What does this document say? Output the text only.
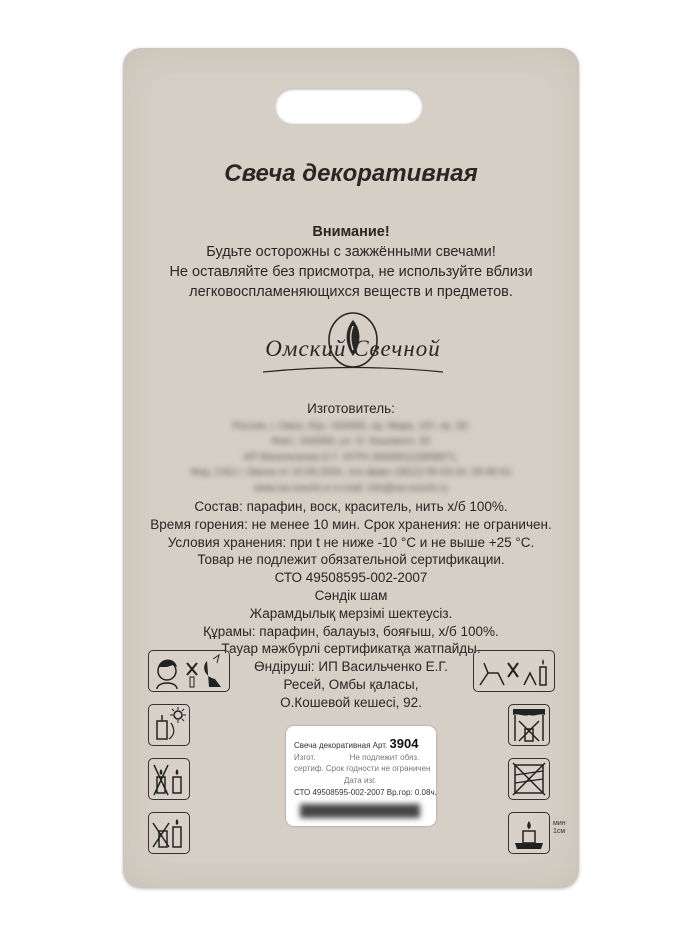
Свеча декоративная
Внимание!
Будьте осторожны с зажжёнными свечами!
Не оставляйте без присмотра, не используйте вблизи
легковоспламеняющихся веществ и предметов.
Омский Свечной
Изготовитель:
Россия, г. Омск, Юр.: 644065, пр. Мира, 157, кв. 30;
Факт.: 644083, ул. О. Кошевого, 92
ИП Васильченко Е.Г. ОГРН 304550122808871,
Фед. САО г. Омска от 10.09.2004, тел./факс (3812) 55-03-24, 55-90-61
www.na-svechi.ru e-mail: info@na-svechi.ru
Состав: парафин, воск, краситель, нить х/б 100%.
Время горения: не менее 10 мин. Срок хранения: не ограничен.
Условия хранения: при t не ниже -10 °С и не выше +25 °С.
Товар не подлежит обязательной сертификации.
СТО 49508595-002-2007
Сәндік шам
Жарамдылық мерзімі шектеусіз.
Құрамы: парафин, балауыз, бояғыш, х/б 100%.
Тауар мәжбүрлі сертификатқа жатпайды.
Өндіруші: ИП Васильченко Е.Г.
Ресей, Омбы қаласы,
О.Кошевой кешесі, 92.
мин
1см
Свеча декоративная Арт. 3904
Изгот.	Не подлежит обяз.
сертиф. Срок годности не ограничен
Дата изг.
СТО 49508595-002-2007 Вр.гор: 0.08ч.
